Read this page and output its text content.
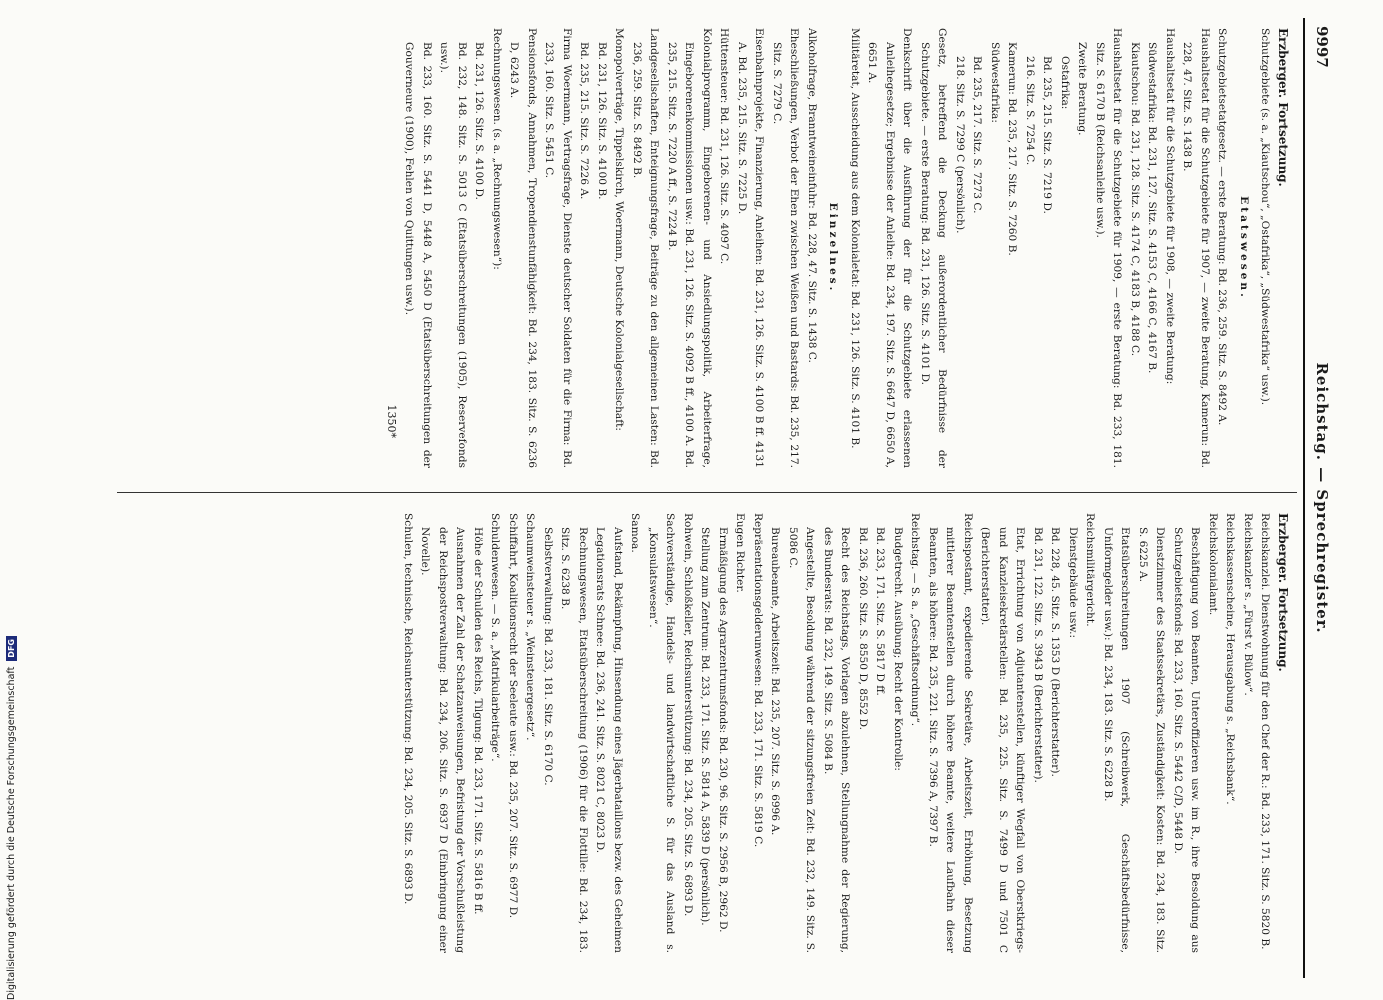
9997
Reichstag. — Sprechregister.

Erzberger. Fortsetzung.

Schutzgebiete (s. a. „Kiautschou“, „Ostafrika“, „Südwestafrika“ usw.).

Etatswesen.

Schutzgebietsetatgesetz. — erste Beratung: Bd. 236, 259. Sitz. S. 8492 A.

Haushaltsetat für die Schutzgebiete für 1907, — zweite Beratung, Kamerun: Bd. 228, 47. Sitz. S. 1438 B.

Haushaltsetat für die Schutzgebiete für 1908, — zweite Beratung:

Südwestafrika: Bd. 231, 127. Sitz. S. 4153 C, 4166 C, 4167 B.

Kiautschou: Bd. 231, 128. Sitz. S. 4174 C, 4183 B, 4188 C.

Haushaltsetat für die Schutzgebiete für 1909, — erste Beratung: Bd. 233, 181. Sitz. S. 6170 B (Reichsanleihe usw.).

Zweite Beratung.

Ostafrika:

Bd. 235, 215. Sitz. S. 7219 D.

216. Sitz. S. 7254 C.

Kamerun: Bd. 235, 217. Sitz. S. 7260 B.

Südwestafrika:

Bd. 235, 217. Sitz. S. 7273 C.

218. Sitz. S. 7299 C (persönlich).

Gesetz, betreffend die Deckung außerordentlicher Bedürfnisse der Schutzgebiete. — erste Beratung: Bd. 231, 126. Sitz. S. 4101 D.

Denkschrift über die Ausführung der für die Schutzgebiete erlassenen Anleihegesetze; Ergebnisse der Anleihe: Bd. 234, 197. Sitz. S. 6647 D, 6650 A, 6651 A.

Militäretat, Ausscheidung aus dem Kolonialetat: Bd. 231, 126. Sitz. S. 4101 B.

Einzelnes.

Alkoholfrage, Branntweineinfuhr: Bd. 228, 47. Sitz. S. 1438 C.

Eheschließungen, Verbot der Ehen zwischen Weißen und Bastards: Bd. 235, 217. Sitz. S. 7279 C.

Eisenbahnprojekte, Finanzierung, Anleihen: Bd. 231, 126. Sitz. S. 4100 B ff. 4131 A. Bd. 235, 215. Sitz. S. 7225 D.

Hüttensteuer: Bd. 231, 126. Sitz. S. 4097 C.

Kolonialprogramm, Eingeborenen- und Ansiedlungspolitik, Arbeiterfrage, Eingeborenenkommissionen usw.: Bd. 231, 126. Sitz. S. 4092 B ff., 4100 A. Bd. 235, 215. Sitz. S. 7220 A ff., S. 7224 B.

Landgesellschaften, Enteignungsfrage, Beiträge zu den allgemeinen Lasten: Bd. 236, 259. Sitz. S. 8492 B.

Monopolverträge, Tippelskirch, Woermann, Deutsche Kolonialgesellschaft:

Bd. 231, 126. Sitz. S. 4100 B.

Bd. 235, 215. Sitz. S. 7226 A.

Firma Woermann, Vertragsfrage, Dienste deutscher Soldaten für die Firma: Bd. 233, 160. Sitz. S. 5451 C.

Pensionsfonds, Annahmen, Tropendienstunfähigkeit: Bd. 234, 183. Sitz. S. 6236 D, 6243 A.

Rechnungswesen. (s. a. „Rechnungswesen“):

Bd. 231, 126. Sitz. S. 4100 D.

Bd. 232, 148. Sitz. S. 5013 C (Etatsüberschreitungen (1905), Reservefonds usw.).

Bd. 233, 160. Sitz. S. 5441 D, 5448 A, 5450 D (Etatsüberschreitungen der Gouverneure (1900), Fehlen von Quittungen usw.).

1350*

Erzberger. Fortsetzung.

Reichskanzlei. Dienstwohnung für den Chef der R.: Bd. 233, 171. Sitz. S. 5820 B.

Reichskanzler s. „Fürst v. Bülow“.

Reichskassenscheine, Herausgabung s. „Reichsbank“.

Reichskolonialamt.

Beschäftigung von Beamten, Unteroffizieren usw. im R., ihre Besoldung aus Schutzgebietsfonds: Bd. 233, 160. Sitz. S. 5442 C/D, 5448 D.

Dienstzimmer des Staatssekretärs, Zuständigkeit: Kosten: Bd. 234, 183. Sitz. S. 6225 A.

Etatsüberschreitungen 1907 (Schreibwerk, Geschäftsbedürfnisse, Uniformgelder usw.): Bd. 234, 183. Sitz. S. 6228 B.

Reichsmilitärgericht.

Dienstgebäude usw.:

Bd. 228, 45. Sitz. S. 1353 D (Berichterstatter).

Bd. 231, 122. Sitz. S. 3943 B (Berichterstatter).

Etat, Errichtung von Adjutantenstellen, künftiger Wegfall von Oberstkriegs- und Kanzleisekretärstellen: Bd. 235, 225. Sitz. S. 7499 D und 7501 C (Berichterstatter).

Reichspostamt, expedierende Sekretäre, Arbeitszeit, Erhöhung, Besetzung mittlerer Beamtenstellen durch höhere Beamte, weitere Laufbahn dieser Beamten, als höhere: Bd. 235, 221. Sitz. S. 7396 A, 7397 B.

Reichstag. — S. a. „Geschäftsordnung“.

Budgetrecht. Ausübung; Recht der Kontrolle:

Bd. 233, 171. Sitz. S. 5817 D ff.

Bd. 236, 260. Sitz. S. 8550 D, 8552 D.

Recht des Reichstags, Vorlagen abzulehnen, Stellungnahme der Regierung, des Bundesrats: Bd. 232, 149. Sitz. S. 5084 B.

Angestellte, Besoldung während der sitzungsfreien Zeit: Bd. 232, 149. Sitz. S. 5086 C.

Bureaubeamte, Arbeitszeit: Bd. 235, 207. Sitz. S. 6996 A.

Repräsentationsgelderunwesen: Bd. 233, 171. Sitz. S. 5819 C.

Eugen Richter.

Ermäßigung des Agrarzentrumsfonds: Bd. 230, 96. Sitz. S. 2956 B, 2962 D.

Stellung zum Zentrum: Bd. 233, 171. Sitz. S. 5814 A, 5839 D (persönlich).

Rohwein, Schloßkeller, Reichsunterstützung: Bd. 234, 205. Sitz. S. 6893 D.

Sachverständige, Handels- und landwirtschaftliche S. für das Ausland s. „Konsulatswesen“.

Samoa.

Aufstand, Bekämpfung, Hinsendung eines Jägerbataillons bezw. des Geheimen Legationsrats Schnee: Bd. 236, 241. Sitz. S. 8021 C, 8023 D.

Rechnungswesen, Etatsüberschreitung (1906) für die Flottille: Bd. 234, 183. Sitz. S. 6238 B.

Selbstverwaltung: Bd. 233, 181. Sitz. S. 6170 C.

Schaumweinsteuer s. „Weinsteuergesetz“.

Schiffahrt, Koalitionsrecht der Seeleute usw.: Bd. 235, 207. Sitz. S. 6977 D.

Schuldenwesen. — S. a. „Matrikularbeiträge“.

Höhe der Schulden des Reichs, Tilgung: Bd. 233, 171. Sitz. S. 5816 B ff.

Ausnahmen der Zahl der Schatzanweisungen, Befristung der Vorschußleistung der Reichspostverwaltung: Bd. 234, 206. Sitz. S. 6937 D (Einbringung einer Novelle).

Schulen, technische, Reichsunterstützung: Bd. 234, 205. Sitz. S. 6893 D.

Digitalisierung gefördert durch die Deutsche Forschungsgemeinschaft
DFG
